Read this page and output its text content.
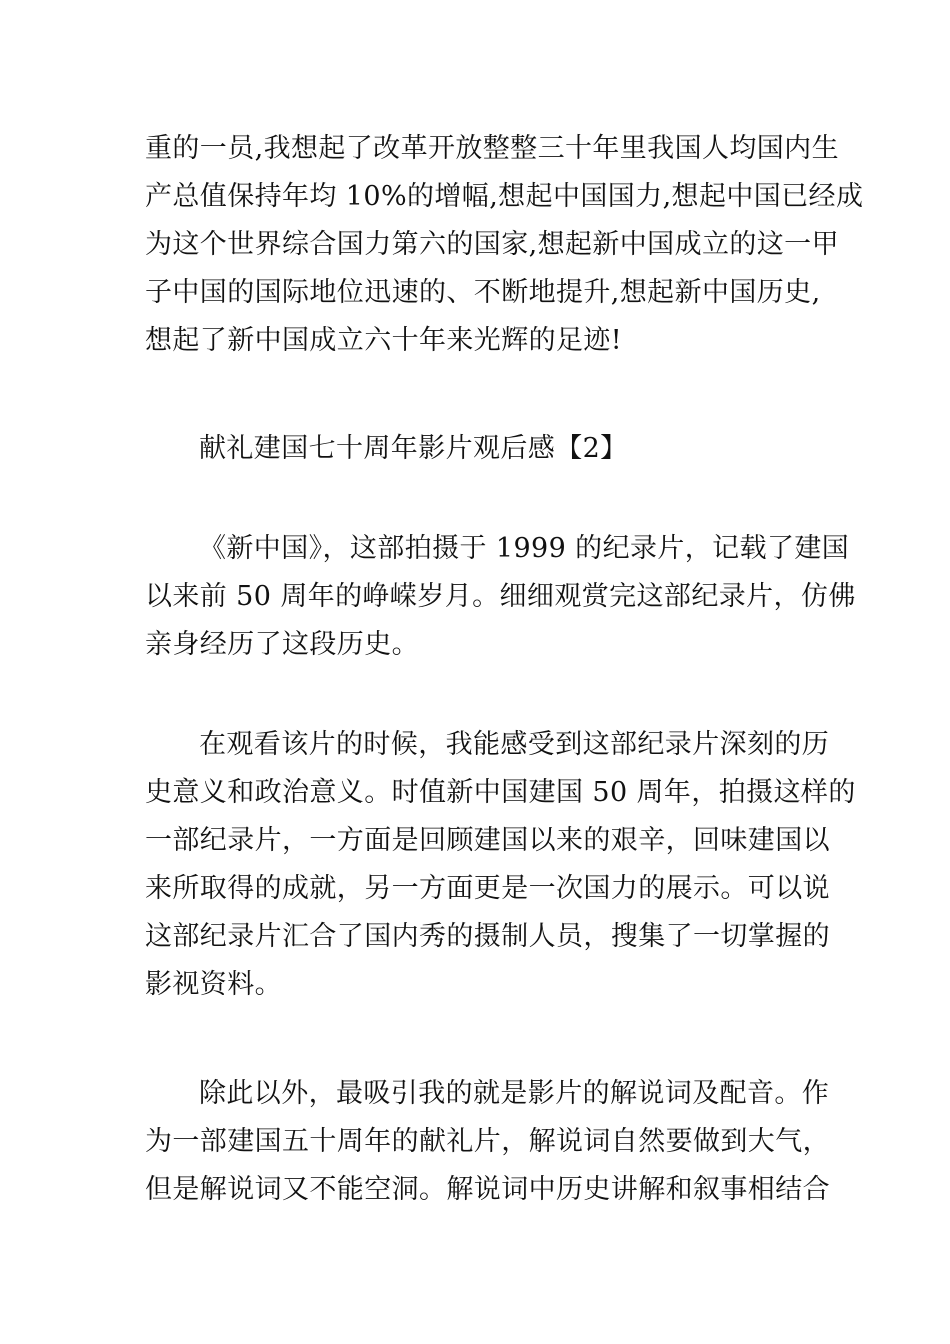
重的一员,我想起了改革开放整整三十年里我国人均国内生
产总值保持年均 10%的增幅,想起中国国力,想起中国已经成
为这个世界综合国力第六的国家,想起新中国成立的这一甲
子中国的国际地位迅速的、不断地提升,想起新中国历史,
想起了新中国成立六十年来光辉的足迹!
献礼建国七十周年影片观后感【2】
《新中国》，这部拍摄于 1999 的纪录片，记载了建国
以来前 50 周年的峥嵘岁月。细细观赏完这部纪录片，仿佛
亲身经历了这段历史。
在观看该片的时候，我能感受到这部纪录片深刻的历
史意义和政治意义。时值新中国建国 50 周年，拍摄这样的
一部纪录片，一方面是回顾建国以来的艰辛，回味建国以
来所取得的成就，另一方面更是一次国力的展示。可以说
这部纪录片汇合了国内秀的摄制人员，搜集了一切掌握的
影视资料。
除此以外，最吸引我的就是影片的解说词及配音。作
为一部建国五十周年的献礼片，解说词自然要做到大气，
但是解说词又不能空洞。解说词中历史讲解和叙事相结合
